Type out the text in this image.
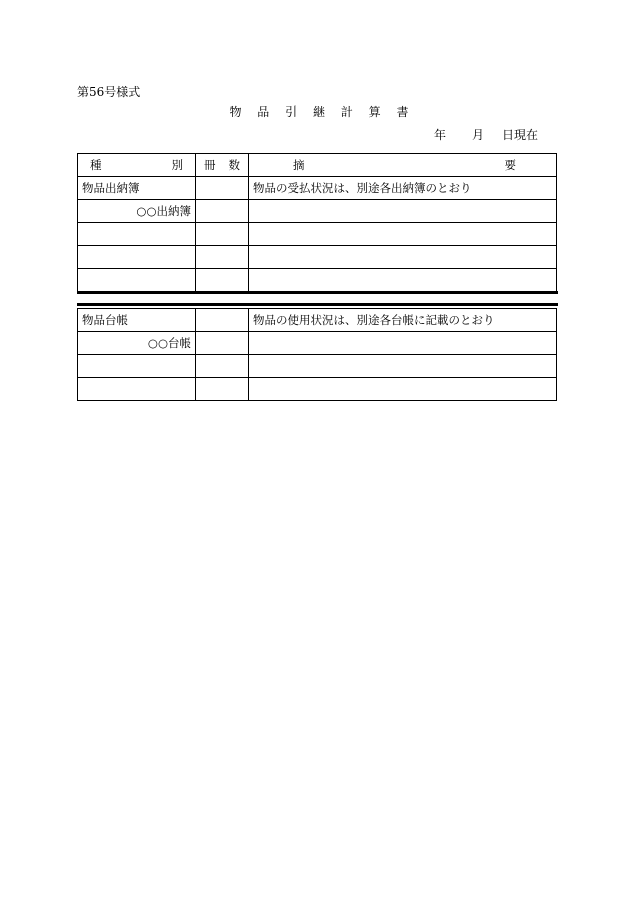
第56号様式
物 品 引 継 計 算 書
年 月 日現在
種 別	冊 数	摘 要

物品出納簿		物品の受払状況は、別途各出納簿のとおり
○○出納簿		

物品台帳		物品の使用状況は、別途各台帳に記載のとおり
○○台帳		
